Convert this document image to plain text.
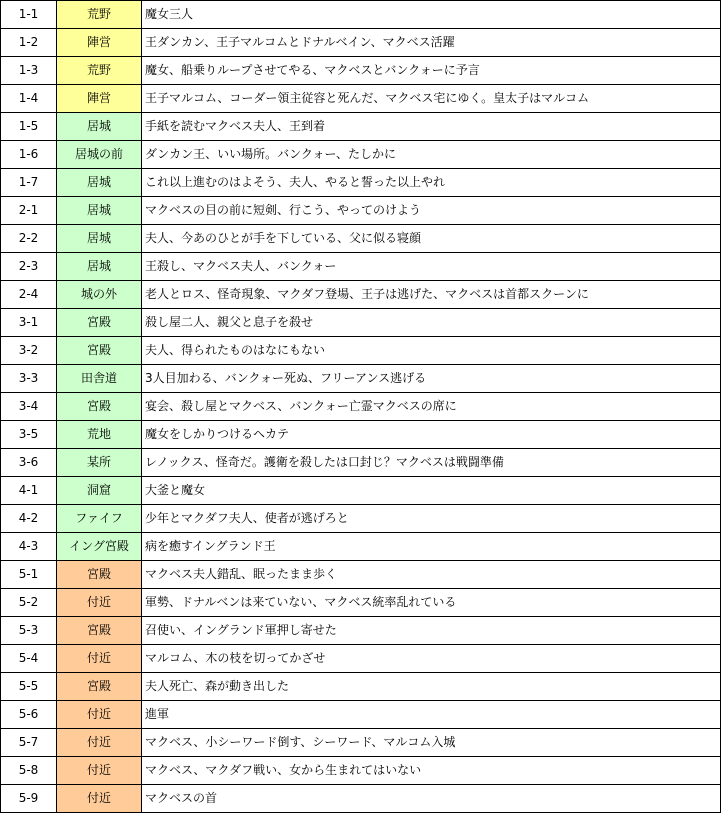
1-1	荒野	魔女三人
1-2	陣営	王ダンカン、王子マルコムとドナルベイン、マクベス活躍
1-3	荒野	魔女、船乗りループさせてやる、マクベスとバンクォーに予言
1-4	陣営	王子マルコム、コーダー領主従容と死んだ、マクベス宅にゆく。皇太子はマルコム
1-5	居城	手紙を読むマクベス夫人、王到着
1-6	居城の前	ダンカン王、いい場所。バンクォー、たしかに
1-7	居城	これ以上進むのはよそう、夫人、やると誓った以上やれ
2-1	居城	マクベスの目の前に短剣、行こう、やってのけよう
2-2	居城	夫人、今あのひとが手を下している、父に似る寝顔
2-3	居城	王殺し、マクベス夫人、バンクォー
2-4	城の外	老人とロス、怪奇現象、マクダフ登場、王子は逃げた、マクベスは首都スクーンに
3-1	宮殿	殺し屋二人、親父と息子を殺せ
3-2	宮殿	夫人、得られたものはなにもない
3-3	田舎道	3人目加わる、バンクォー死ぬ、フリーアンス逃げる
3-4	宮殿	宴会、殺し屋とマクベス、バンクォー亡霊マクベスの席に
3-5	荒地	魔女をしかりつけるヘカテ
3-6	某所	レノックス、怪奇だ。護衛を殺したは口封じ？マクベスは戦闘準備
4-1	洞窟	大釜と魔女
4-2	ファイフ	少年とマクダフ夫人、使者が逃げろと
4-3	イング宮殿	病を癒すイングランド王
5-1	宮殿	マクベス夫人錯乱、眠ったまま歩く
5-2	付近	軍勢、ドナルベンは来ていない、マクベス統率乱れている
5-3	宮殿	召使い、イングランド軍押し寄せた
5-4	付近	マルコム、木の枝を切ってかざせ
5-5	宮殿	夫人死亡、森が動き出した
5-6	付近	進軍
5-7	付近	マクベス、小シーワード倒す、シーワード、マルコム入城
5-8	付近	マクベス、マクダフ戦い、女から生まれてはいない
5-9	付近	マクベスの首
